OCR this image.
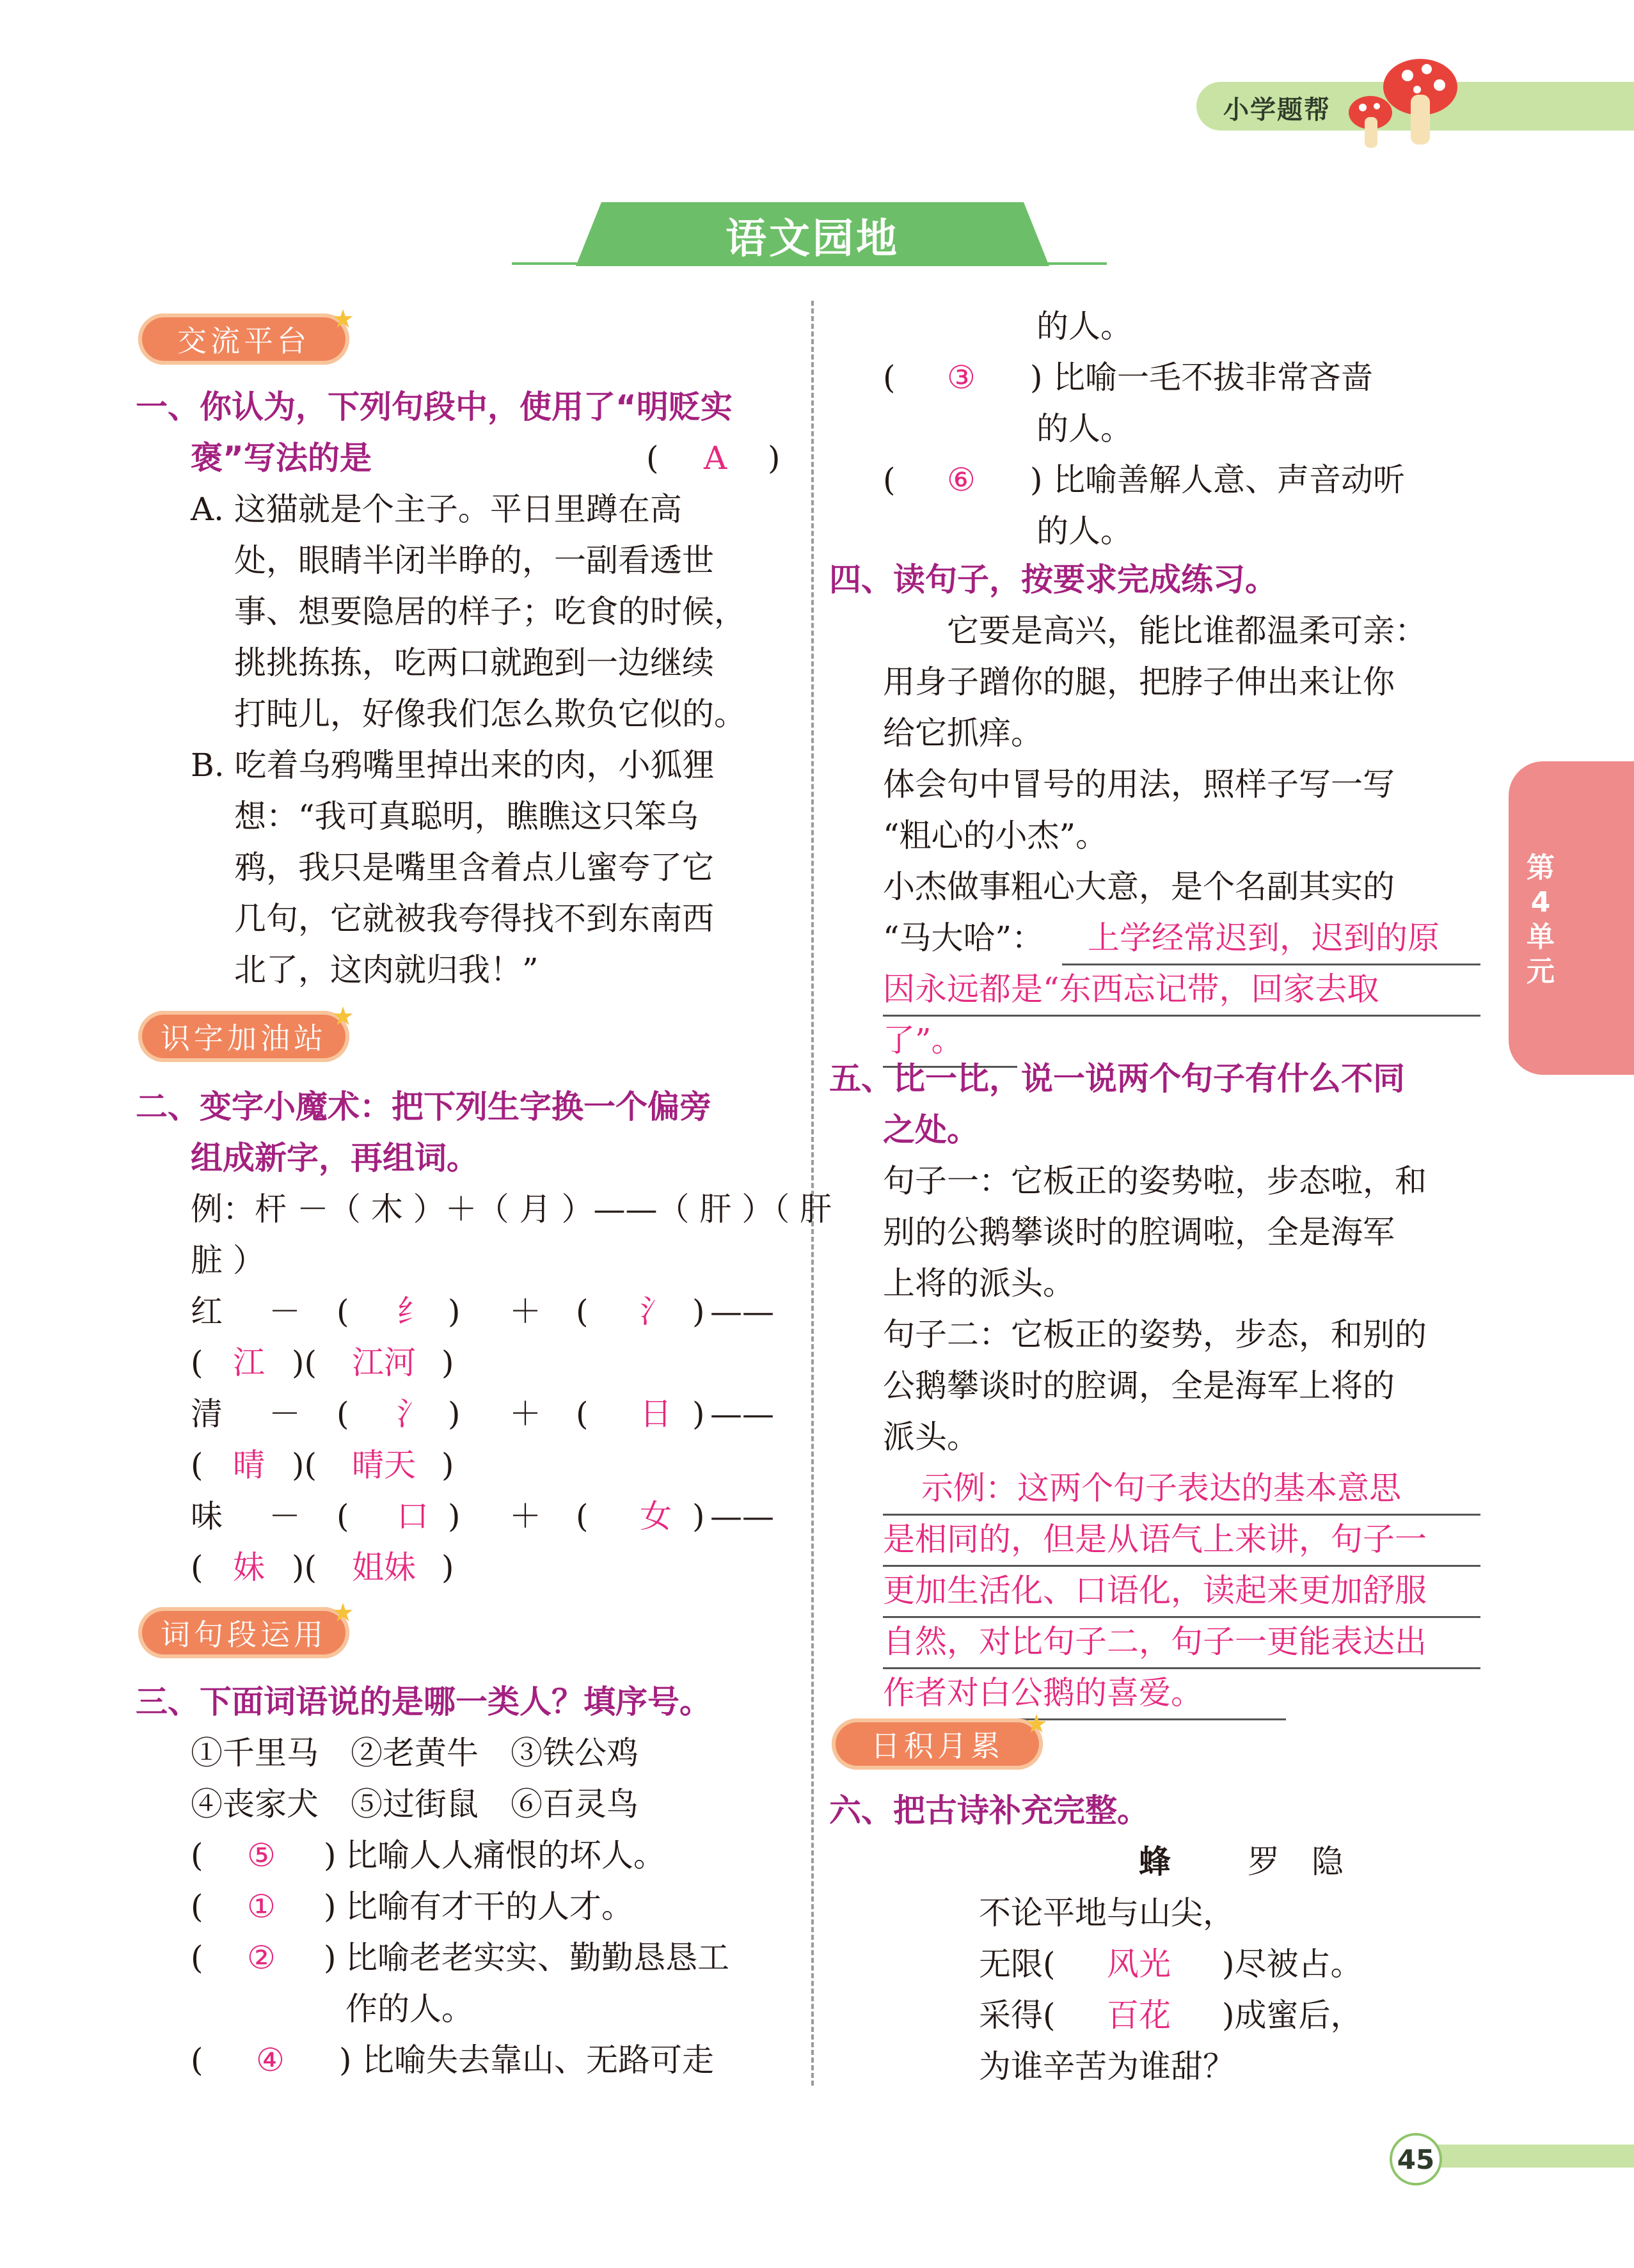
小学题帮
语文园地
交流平台
★
一、你认为，下列句段中，使用了“明贬实
褒”写法的是	( A )
A. 这猫就是个主子。平日里蹲在高
处，眼睛半闭半睁的，一副看透世
事、想要隐居的样子；吃食的时候，
挑挑拣拣，吃两口就跑到一边继续
打盹儿，好像我们怎么欺负它似的。
B. 吃着乌鸦嘴里掉出来的肉，小狐狸
想：“我可真聪明，瞧瞧这只笨乌
鸦，我只是嘴里含着点儿蜜夸了它
几句，它就被我夸得找不到东南西
北了，这肉就归我！”
识字加油站
★
二、变字小魔术：把下列生字换一个偏旁
组成新字，再组词。
例：杆 －（ 木 ）＋（ 月 ）——（ 肝 ）（ 肝
脏 ）
红 － ( 纟 ) ＋ ( 氵 ) ——
( 江 )( 江河 )
清 － ( 氵 ) ＋ ( 日 ) ——
( 晴 )( 晴天 )
味 － ( 口 ) ＋ ( 女 ) ——
( 妹 )( 姐妹 )
词句段运用
★
三、下面词语说的是哪一类人？填序号。
①千里马　②老黄牛　③铁公鸡
④丧家犬　⑤过街鼠　⑥百灵鸟
( ⑤ ) 比喻人人痛恨的坏人。
( ① ) 比喻有才干的人才。
( ② ) 比喻老老实实、勤勤恳恳工
作的人。
( ④ ) 比喻失去靠山、无路可走
的人。
( ③ ) 比喻一毛不拔非常吝啬
的人。
( ⑥ ) 比喻善解人意、声音动听
的人。
四、读句子，按要求完成练习。
　　它要是高兴，能比谁都温柔可亲：
用身子蹭你的腿，把脖子伸出来让你
给它抓痒。
体会句中冒号的用法，照样子写一写
“粗心的小杰”。
小杰做事粗心大意，是个名副其实的
“马大哈”：	上学经常迟到，迟到的原
因永远都是“东西忘记带，回家去取
了”。
五、比一比，说一说两个句子有什么不同
之处。
句子一：它板正的姿势啦，步态啦，和
别的公鹅攀谈时的腔调啦，全是海军
上将的派头。
句子二：它板正的姿势，步态，和别的
公鹅攀谈时的腔调，全是海军上将的
派头。
示例：这两个句子表达的基本意思
是相同的，但是从语气上来讲，句子一
更加生活化、口语化，读起来更加舒服
自然，对比句子二，句子一更能表达出
作者对白公鹅的喜爱。
日积月累
★
六、把古诗补充完整。
蜂 罗　隐
不论平地与山尖，
无限( 风光 )尽被占。
采得( 百花 )成蜜后，
为谁辛苦为谁甜？
第
4
单
元
45
